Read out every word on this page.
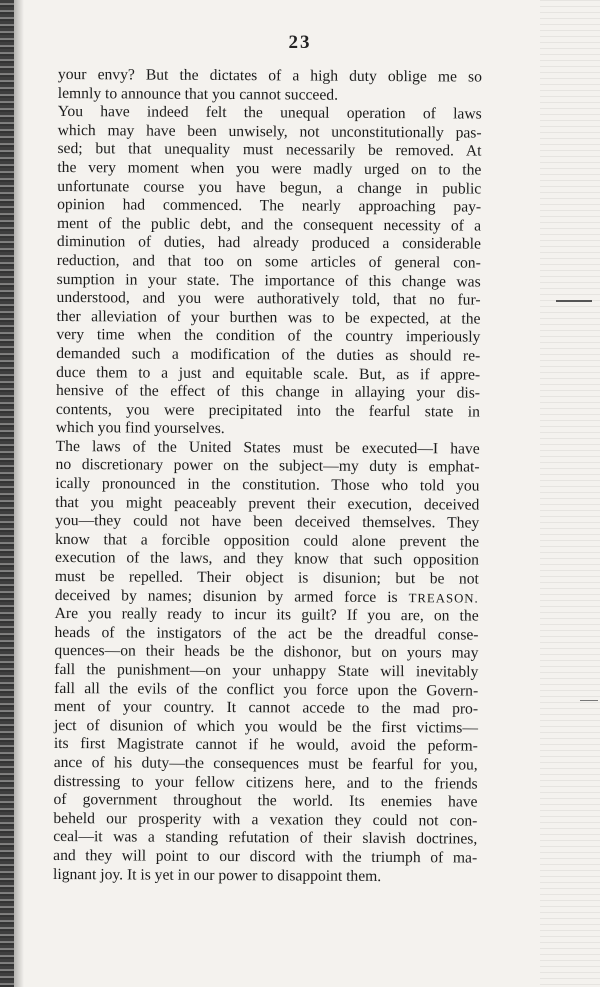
23
your envy? But the dictates of a high duty oblige me so
lemnly to announce that you cannot succeed.
You have indeed felt the unequal operation of laws
which may have been unwisely, not unconstitutionally pas-
sed; but that unequality must necessarily be removed. At
the very moment when you were madly urged on to the
unfortunate course you have begun, a change in public
opinion had commenced. The nearly approaching pay-
ment of the public debt, and the consequent necessity of a
diminution of duties, had already produced a considerable
reduction, and that too on some articles of general con-
sumption in your state. The importance of this change was
understood, and you were authoratively told, that no fur-
ther alleviation of your burthen was to be expected, at the
very time when the condition of the country imperiously
demanded such a modification of the duties as should re-
duce them to a just and equitable scale. But, as if appre-
hensive of the effect of this change in allaying your dis-
contents, you were precipitated into the fearful state in
which you find yourselves.
The laws of the United States must be executed—I have
no discretionary power on the subject—my duty is emphat-
ically pronounced in the constitution. Those who told you
that you might peaceably prevent their execution, deceived
you—they could not have been deceived themselves. They
know that a forcible opposition could alone prevent the
execution of the laws, and they know that such opposition
must be repelled. Their object is disunion; but be not
deceived by names; disunion by armed force is TREASON.
Are you really ready to incur its guilt? If you are, on the
heads of the instigators of the act be the dreadful conse-
quences—on their heads be the dishonor, but on yours may
fall the punishment—on your unhappy State will inevitably
fall all the evils of the conflict you force upon the Govern-
ment of your country. It cannot accede to the mad pro-
ject of disunion of which you would be the first victims—
its first Magistrate cannot if he would, avoid the peform-
ance of his duty—the consequences must be fearful for you,
distressing to your fellow citizens here, and to the friends
of government throughout the world. Its enemies have
beheld our prosperity with a vexation they could not con-
ceal—it was a standing refutation of their slavish doctrines,
and they will point to our discord with the triumph of ma-
lignant joy. It is yet in our power to disappoint them.
